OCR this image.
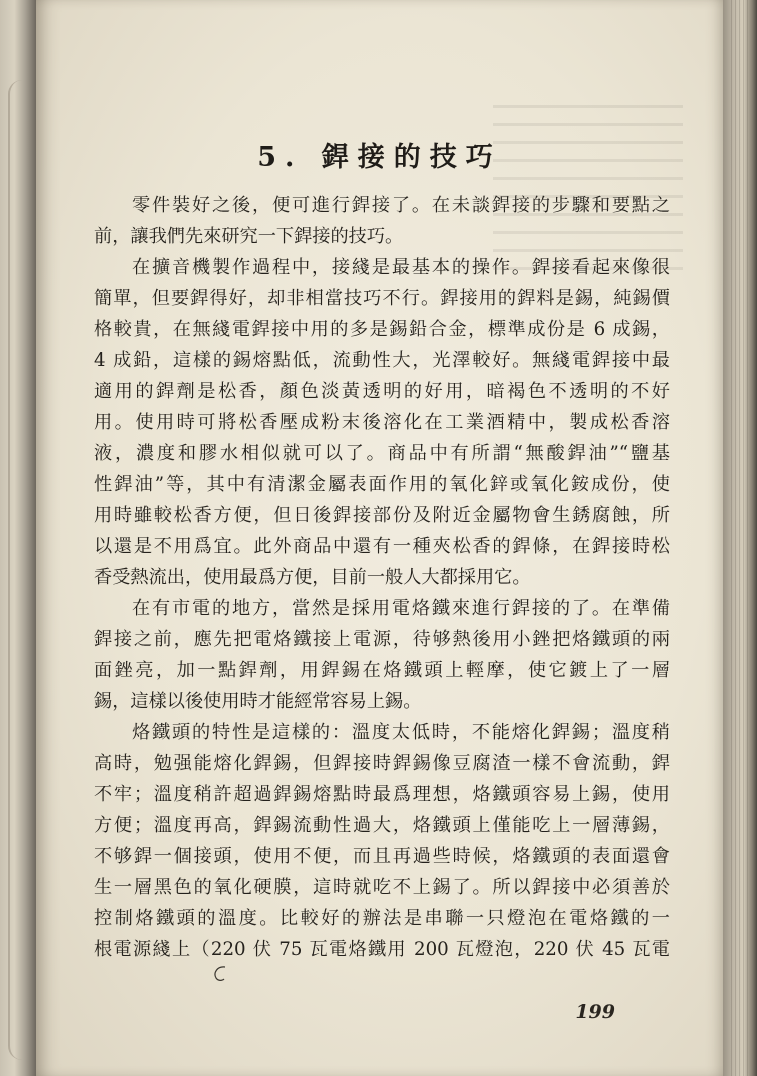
5. 銲接的技巧
零件裝好之後，便可進行銲接了。在未談銲接的步驟和要點之
前，讓我們先來研究一下銲接的技巧。
在擴音機製作過程中，接綫是最基本的操作。銲接看起來像很
簡單，但要銲得好，却非相當技巧不行。銲接用的銲料是錫，純錫價
格較貴，在無綫電銲接中用的多是錫鉛合金，標準成份是 6 成錫，
4 成鉛，這樣的錫熔點低，流動性大，光澤較好。無綫電銲接中最
適用的銲劑是松香，顏色淡黃透明的好用，暗褐色不透明的不好
用。使用時可將松香壓成粉末後溶化在工業酒精中，製成松香溶
液，濃度和膠水相似就可以了。商品中有所謂“無酸銲油”“鹽基
性銲油”等，其中有清潔金屬表面作用的氧化鋅或氧化銨成份，使
用時雖較松香方便，但日後銲接部份及附近金屬物會生銹腐蝕，所
以還是不用爲宜。此外商品中還有一種夾松香的銲條，在銲接時松
香受熱流出，使用最爲方便，目前一般人大都採用它。
在有市電的地方，當然是採用電烙鐵來進行銲接的了。在準備
銲接之前，應先把電烙鐵接上電源，待够熱後用小銼把烙鐵頭的兩
面銼亮，加一點銲劑，用銲錫在烙鐵頭上輕摩，使它鍍上了一層
錫，這樣以後使用時才能經常容易上錫。
烙鐵頭的特性是這樣的：溫度太低時，不能熔化銲錫；溫度稍
高時，勉强能熔化銲錫，但銲接時銲錫像豆腐渣一樣不會流動，銲
不牢；溫度稍許超過銲錫熔點時最爲理想，烙鐵頭容易上錫，使用
方便；溫度再高，銲錫流動性過大，烙鐵頭上僅能吃上一層薄錫，
不够銲一個接頭，使用不便，而且再過些時候，烙鐵頭的表面還會
生一層黑色的氧化硬膜，這時就吃不上錫了。所以銲接中必須善於
控制烙鐵頭的溫度。比較好的辦法是串聯一只燈泡在電烙鐵的一
根電源綫上（220 伏 75 瓦電烙鐵用 200 瓦燈泡，220 伏 45 瓦電
199
